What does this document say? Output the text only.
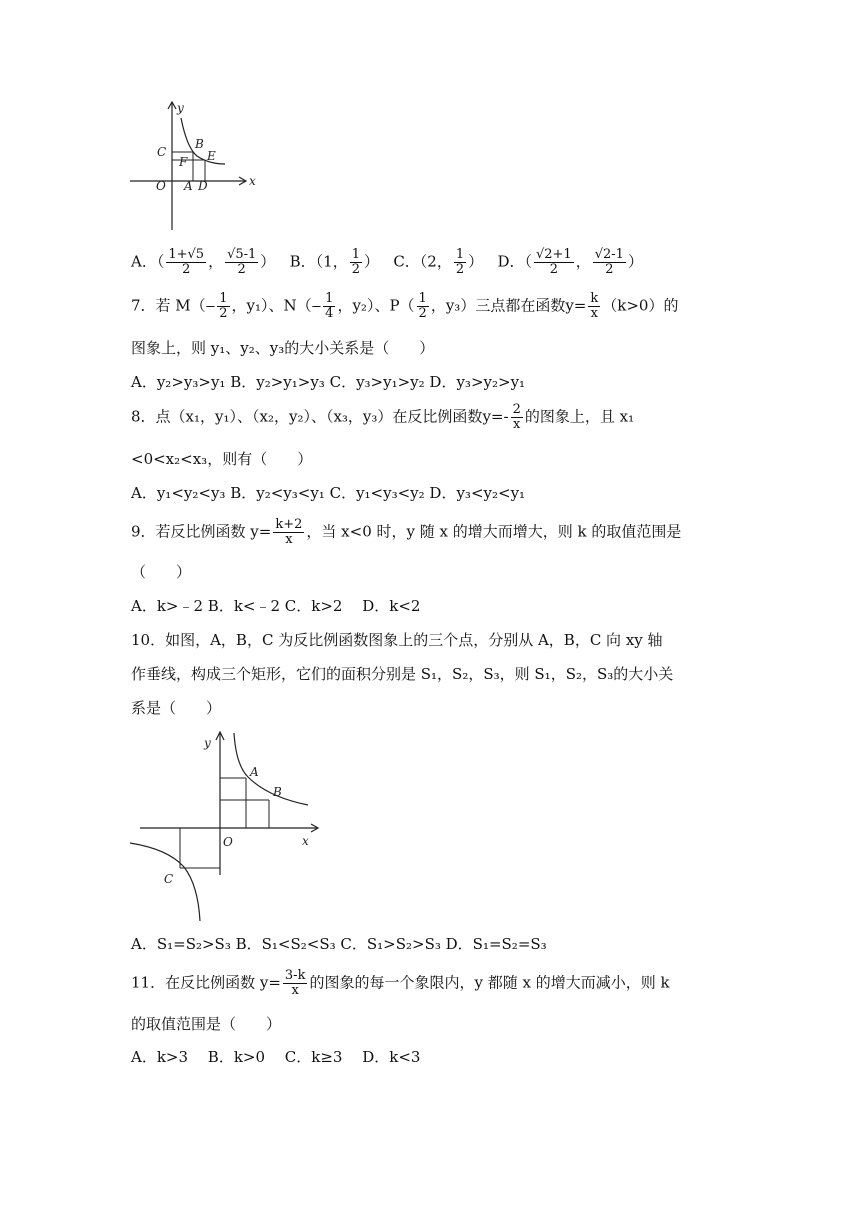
y
x
O A D
C
F
B
E
A．（ $\frac{1+√5}{2}$ ， $\frac{√5-1}{2}$ ） B．（1， $\frac{1}{2}$ ） C．（2， $\frac{1}{2}$ ） D．（ $\frac{√2+1}{2}$ ， $\frac{√2-1}{2}$ ）
7．若 M（‒ $\frac{1}{2}$ ，y₁）、N（‒ $\frac{1}{4}$ ，y₂）、$P( \frac{1}{2}$ ，y₃）三点都在函数$y= \frac{k}{x} (k>0)$的
图象上，则 y₁、y₂、y₃的大小关系是（　　）
A．y₂>y₃>y₁ B．y₂>y₁>y₃ C．y₃>y₁>y₂ D．y₃>y₂>y₁
8．点（x₁，y₁）、（x₂，y₂）、（x₃，y₃）在反比例函数$y=- \frac{2}{x}$ 的图象上，且 x₁
<0<x₂<x₃，则有（　　）
A．y₁<y₂<y₃ B．y₂<y₃<y₁ C．y₁<y₃<y₂ D．y₃<y₂<y₁
9．若反比例函数 $y= \frac{k+2}{x}$ ，当 x<0 时，y 随 x 的增大而增大，则 k 的取值范围是
（　　）
A．k>﹣2 B．k<﹣2 C．k>2　 D．k<2
10．如图，A，B，C 为反比例函数图象上的三个点，分别从 A，B，C 向 xy 轴
作垂线，构成三个矩形，它们的面积分别是 S₁，S₂，S₃，则 S₁，S₂，S₃的大小关
系是（　　）
y
x
O
A
B
C
A．S₁=S₂>S₃ B．S₁<S₂<S₃ C．S₁>S₂>S₃ D．S₁=S₂=S₃
11．在反比例函数 $y= \frac{3-k}{x}$ 的图象的每一个象限内，y 都随 x 的增大而减小，则 k
的取值范围是（　　）
A．k>3　 B．k>0　 C．k≥3　 D．k<3
